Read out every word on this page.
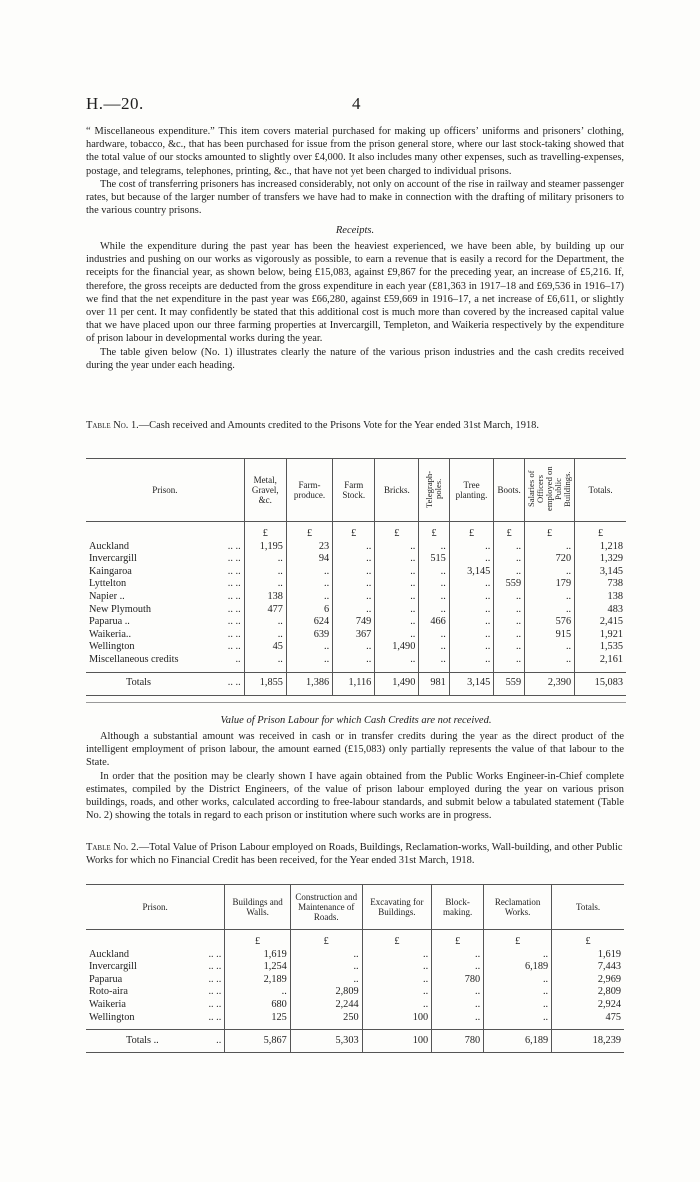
H.—20.	4

“ Miscellaneous expenditure.” This item covers material purchased for making up officers’ uniforms and prisoners’ clothing, hardware, tobacco, &c., that has been purchased for issue from the prison general store, where our last stock-taking showed that the total value of our stocks amounted to slightly over £4,000. It also includes many other expenses, such as travelling-expenses, postage, and telegrams, telephones, printing, &c., that have not yet been charged to individual prisons.

The cost of transferring prisoners has increased considerably, not only on account of the rise in railway and steamer passenger rates, but because of the larger number of transfers we have had to make in connection with the drafting of military prisoners to the various country prisons.

Receipts.

While the expenditure during the past year has been the heaviest experienced, we have been able, by building up our industries and pushing on our works as vigorously as possible, to earn a revenue that is easily a record for the Department, the receipts for the financial year, as shown below, being £15,083, against £9,867 for the preceding year, an increase of £5,216. If, therefore, the gross receipts are deducted from the gross expenditure in each year (£81,363 in 1917–18 and £69,536 in 1916–17) we find that the net expenditure in the past year was £66,280, against £59,669 in 1916–17, a net increase of £6,611, or slightly over 11 per cent. It may confidently be stated that this additional cost is much more than covered by the increased capital value that we have placed upon our three farming properties at Invercargill, Templeton, and Waikeria respectively by the expenditure of prison labour in developmental works during the year.

The table given below (No. 1) illustrates clearly the nature of the various prison industries and the cash credits received during the year under each heading.

Table No. 1.—Cash received and Amounts credited to the Prisons Vote for the Year ended 31st March, 1918.
Prison.	Metal, Gravel, &c.	Farm-produce.	Farm Stock.	Bricks.	Telegraph-poles.	Tree planting.	Boots.	Salaries of Officers employed on Public Buildings.	Totals.
	£	£	£	£	£	£	£	£	£
Auckland .. ..	1,195	23	..	..	..	..	..	..	1,218
Invercargill .. ..	..	94	..	..	515	..	..	720	1,329
Kaingaroa .. ..	..	..	..	..	..	3,145	..	..	3,145
Lyttelton .. ..	..	..	..	..	..	..	559	179	738
Napier .. .. ..	138	..	..	..	..	..	..	..	138
New Plymouth .. ..	477	6	..	..	..	..	..	..	483
Paparua .. .. ..	..	624	749	..	466	..	..	576	2,415
Waikeria.. .. ..	..	639	367	..	..	..	..	915	1,921
Wellington .. ..	45	..	..	1,490	..	..	..	..	1,535
Miscellaneous credits ..	..	..	..	..	..	..	..	..	2,161

Totals .. ..	1,855	1,386	1,116	1,490	981	3,145	559	2,390	15,083
Value of Prison Labour for which Cash Credits are not received.

Although a substantial amount was received in cash or in transfer credits during the year as the direct product of the intelligent employment of prison labour, the amount earned (£15,083) only partially represents the value of that labour to the State.

In order that the position may be clearly shown I have again obtained from the Public Works Engineer-in-Chief complete estimates, compiled by the District Engineers, of the value of prison labour employed during the year on various prison buildings, roads, and other works, calculated according to free-labour standards, and submit below a tabulated statement (Table No. 2) showing the totals in regard to each prison or institution where such works are in progress.

Table No. 2.—Total Value of Prison Labour employed on Roads, Buildings, Reclamation-works, Wall-building, and other Public Works for which no Financial Credit has been received, for the Year ended 31st March, 1918.
Prison.	Buildings and Walls.	Construction and Maintenance of Roads.	Excavating for Buildings.	Block-making.	Reclamation Works.	Totals.
	£	£	£	£	£	£
Auckland .. ..	1,619	..	..	..	..	1,619
Invercargill .. ..	1,254	..	..	..	6,189	7,443
Paparua .. ..	2,189	..	..	780	..	2,969
Roto-aira .. ..	..	2,809	..	..	..	2,809
Waikeria .. ..	680	2,244	..	..	..	2,924
Wellington .. ..	125	250	100	..	..	475

Totals .. ..	5,867	5,303	100	780	6,189	18,239
